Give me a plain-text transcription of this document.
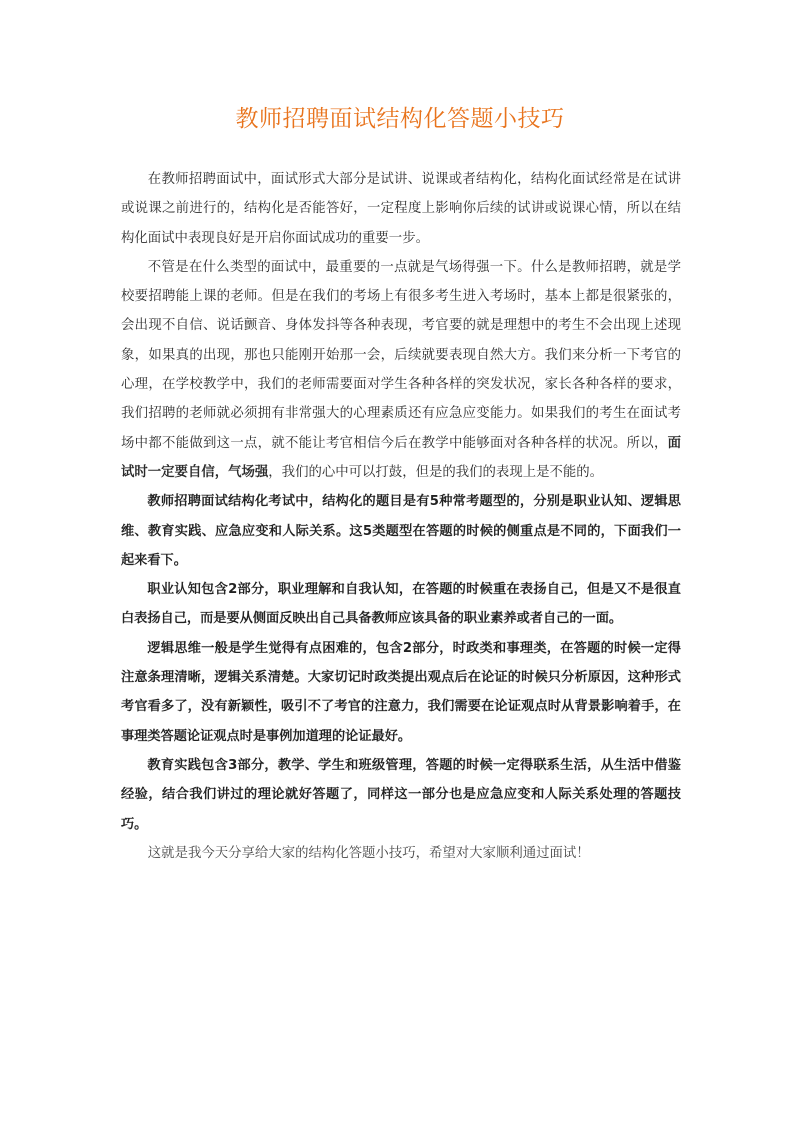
教师招聘面试结构化答题小技巧

在教师招聘面试中，面试形式大部分是试讲、说课或者结构化，结构化面试经常是在试讲或说课之前进行的，结构化是否能答好，一定程度上影响你后续的试讲或说课心情，所以在结构化面试中表现良好是开启你面试成功的重要一步。

不管是在什么类型的面试中，最重要的一点就是气场得强一下。什么是教师招聘，就是学校要招聘能上课的老师。但是在我们的考场上有很多考生进入考场时，基本上都是很紧张的，会出现不自信、说话颤音、身体发抖等各种表现，考官要的就是理想中的考生不会出现上述现象，如果真的出现，那也只能刚开始那一会，后续就要表现自然大方。我们来分析一下考官的心理，在学校教学中，我们的老师需要面对学生各种各样的突发状况，家长各种各样的要求，我们招聘的老师就必须拥有非常强大的心理素质还有应急应变能力。如果我们的考生在面试考场中都不能做到这一点，就不能让考官相信今后在教学中能够面对各种各样的状况。所以，面试时一定要自信，气场强，我们的心中可以打鼓，但是的我们的表现上是不能的。

教师招聘面试结构化考试中，结构化的题目是有5种常考题型的，分别是职业认知、逻辑思维、教育实践、应急应变和人际关系。这5类题型在答题的时候的侧重点是不同的，下面我们一起来看下。

职业认知包含2部分，职业理解和自我认知，在答题的时候重在表扬自己，但是又不是很直白表扬自己，而是要从侧面反映出自己具备教师应该具备的职业素养或者自己的一面。

逻辑思维一般是学生觉得有点困难的，包含2部分，时政类和事理类，在答题的时候一定得注意条理清晰，逻辑关系清楚。大家切记时政类提出观点后在论证的时候只分析原因，这种形式考官看多了，没有新颖性，吸引不了考官的注意力，我们需要在论证观点时从背景影响着手，在事理类答题论证观点时是事例加道理的论证最好。

教育实践包含3部分，教学、学生和班级管理，答题的时候一定得联系生活，从生活中借鉴经验，结合我们讲过的理论就好答题了，同样这一部分也是应急应变和人际关系处理的答题技巧。

这就是我今天分享给大家的结构化答题小技巧，希望对大家顺利通过面试！
